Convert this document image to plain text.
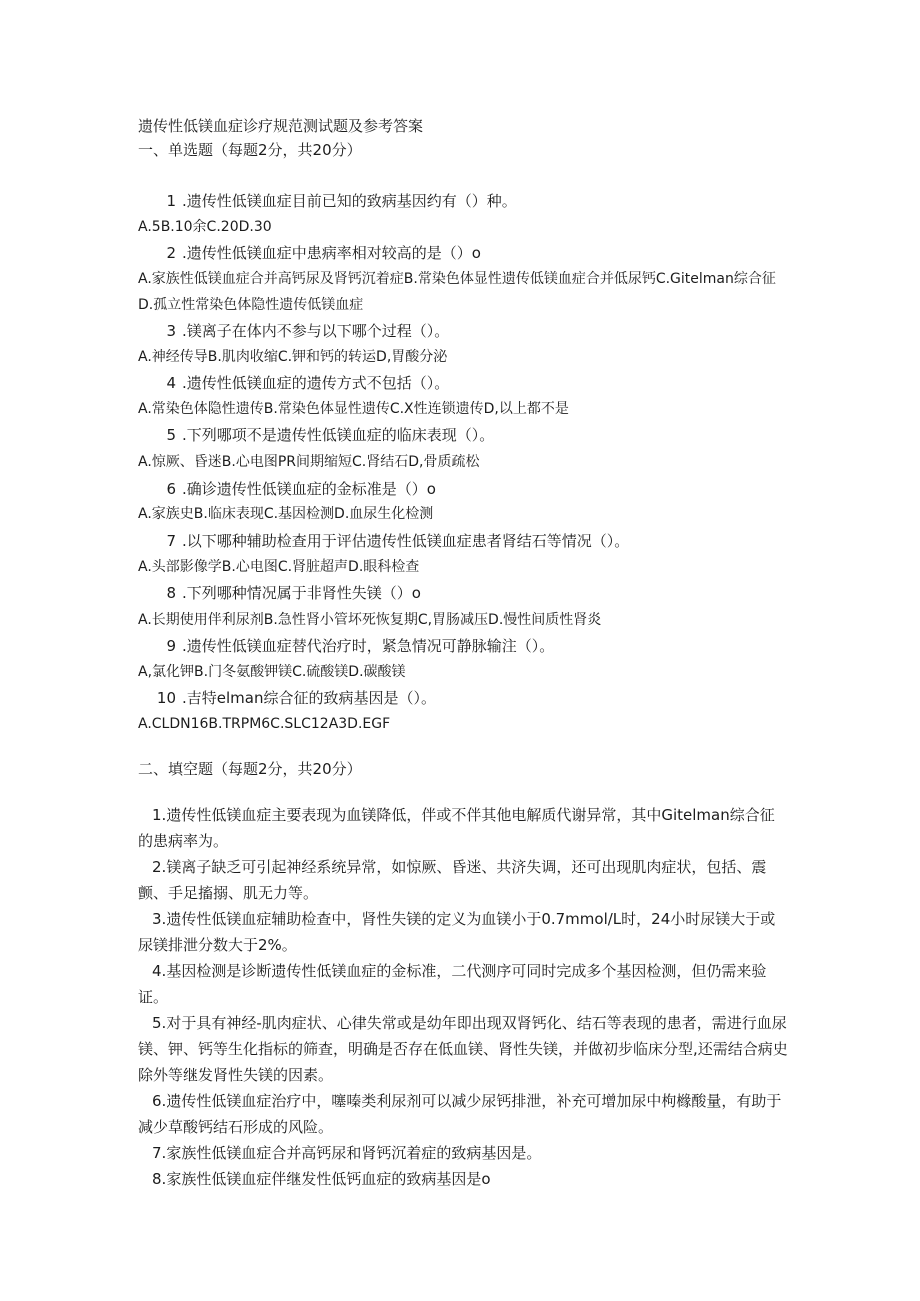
遗传性低镁血症诊疗规范测试题及参考答案
一、单选题（每题2分，共20分）
1 .遗传性低镁血症目前已知的致病基因约有（）种。
A.5B.10余C.20D.30
2 .遗传性低镁血症中患病率相对较高的是（）o
A.家族性低镁血症合并高钙尿及肾钙沉着症B.常染色体显性遗传低镁血症合并低尿钙C.Gitelman综合征D.孤立性常染色体隐性遗传低镁血症
3 .镁离子在体内不参与以下哪个过程（）。
A.神经传导B.肌肉收缩C.钾和钙的转运D,胃酸分泌
4 .遗传性低镁血症的遗传方式不包括（）。
A.常染色体隐性遗传B.常染色体显性遗传C.X性连锁遗传D,以上都不是
5 .下列哪项不是遗传性低镁血症的临床表现（）。
A.惊厥、昏迷B.心电图PR间期缩短C.肾结石D,骨质疏松
6 .确诊遗传性低镁血症的金标准是（）o
A.家族史B.临床表现C.基因检测D.血尿生化检测
7 .以下哪种辅助检查用于评估遗传性低镁血症患者肾结石等情况（）。
A.头部影像学B.心电图C.肾脏超声D.眼科检查
8 .下列哪种情况属于非肾性失镁（）o
A.长期使用伴利尿剂B.急性肾小管坏死恢复期C,胃肠减压D.慢性间质性肾炎
9 .遗传性低镁血症替代治疗时，紧急情况可静脉输注（）。
A,氯化钾B.门冬氨酸钾镁C.硫酸镁D.碳酸镁
10 .吉特elman综合征的致病基因是（）。
A.CLDN16B.TRPM6C.SLC12A3D.EGF
二、填空题（每题2分，共20分）
1.遗传性低镁血症主要表现为血镁降低，伴或不伴其他电解质代谢异常，其中Gitelman综合征的患病率为。
2.镁离子缺乏可引起神经系统异常，如惊厥、昏迷、共济失调，还可出现肌肉症状，包括、震颤、手足搐搦、肌无力等。
3.遗传性低镁血症辅助检查中，肾性失镁的定义为血镁小于0.7mmol/L时，24小时尿镁大于或尿镁排泄分数大于2%。
4.基因检测是诊断遗传性低镁血症的金标准，二代测序可同时完成多个基因检测，但仍需来验证。
5.对于具有神经-肌肉症状、心律失常或是幼年即出现双肾钙化、结石等表现的患者，需进行血尿镁、钾、钙等生化指标的筛查，明确是否存在低血镁、肾性失镁，并做初步临床分型,还需结合病史除外等继发肾性失镁的因素。
6.遗传性低镁血症治疗中，噻嗪类利尿剂可以减少尿钙排泄，补充可增加尿中枸橼酸量，有助于减少草酸钙结石形成的风险。
7.家族性低镁血症合并高钙尿和肾钙沉着症的致病基因是。
8.家族性低镁血症伴继发性低钙血症的致病基因是o
